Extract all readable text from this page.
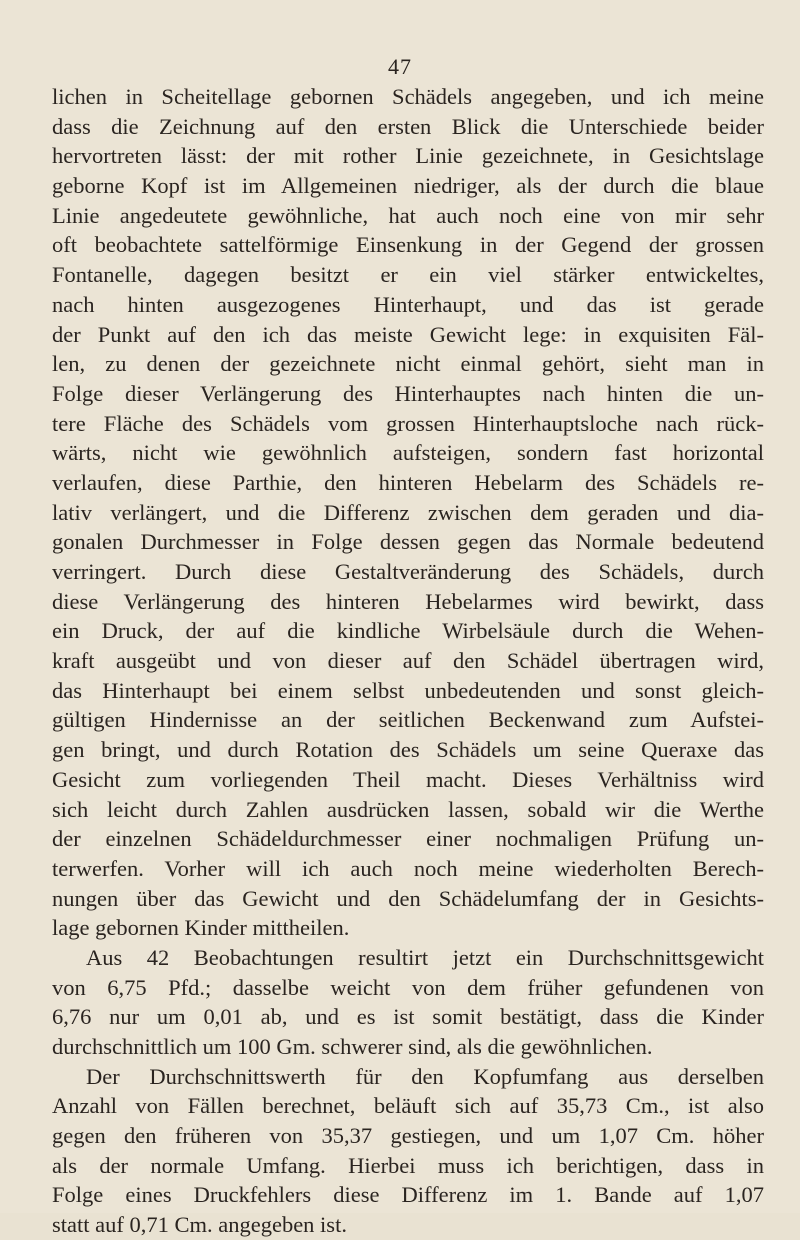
47
lichen in Scheitellage gebornen Schädels angegeben, und ich meine
dass die Zeichnung auf den ersten Blick die Unterschiede beider
hervortreten lässt: der mit rother Linie gezeichnete, in Gesichtslage
geborne Kopf ist im Allgemeinen niedriger, als der durch die blaue
Linie angedeutete gewöhnliche, hat auch noch eine von mir sehr
oft beobachtete sattelförmige Einsenkung in der Gegend der grossen
Fontanelle, dagegen besitzt er ein viel stärker entwickeltes,
nach hinten ausgezogenes Hinterhaupt, und das ist gerade
der Punkt auf den ich das meiste Gewicht lege: in exquisiten Fäl-
len, zu denen der gezeichnete nicht einmal gehört, sieht man in
Folge dieser Verlängerung des Hinterhauptes nach hinten die un-
tere Fläche des Schädels vom grossen Hinterhauptsloche nach rück-
wärts, nicht wie gewöhnlich aufsteigen, sondern fast horizontal
verlaufen, diese Parthie, den hinteren Hebelarm des Schädels re-
lativ verlängert, und die Differenz zwischen dem geraden und dia-
gonalen Durchmesser in Folge dessen gegen das Normale bedeutend
verringert. Durch diese Gestaltveränderung des Schädels, durch
diese Verlängerung des hinteren Hebelarmes wird bewirkt, dass
ein Druck, der auf die kindliche Wirbelsäule durch die Wehen-
kraft ausgeübt und von dieser auf den Schädel übertragen wird,
das Hinterhaupt bei einem selbst unbedeutenden und sonst gleich-
gültigen Hindernisse an der seitlichen Beckenwand zum Aufstei-
gen bringt, und durch Rotation des Schädels um seine Queraxe das
Gesicht zum vorliegenden Theil macht. Dieses Verhältniss wird
sich leicht durch Zahlen ausdrücken lassen, sobald wir die Werthe
der einzelnen Schädeldurchmesser einer nochmaligen Prüfung un-
terwerfen. Vorher will ich auch noch meine wiederholten Berech-
nungen über das Gewicht und den Schädelumfang der in Gesichts-
lage gebornen Kinder mittheilen.
Aus 42 Beobachtungen resultirt jetzt ein Durchschnittsgewicht
von 6,75 Pfd.; dasselbe weicht von dem früher gefundenen von
6,76 nur um 0,01 ab, und es ist somit bestätigt, dass die Kinder
durchschnittlich um 100 Gm. schwerer sind, als die gewöhnlichen.
Der Durchschnittswerth für den Kopfumfang aus derselben
Anzahl von Fällen berechnet, beläuft sich auf 35,73 Cm., ist also
gegen den früheren von 35,37 gestiegen, und um 1,07 Cm. höher
als der normale Umfang. Hierbei muss ich berichtigen, dass in
Folge eines Druckfehlers diese Differenz im 1. Bande auf 1,07
statt auf 0,71 Cm. angegeben ist.
